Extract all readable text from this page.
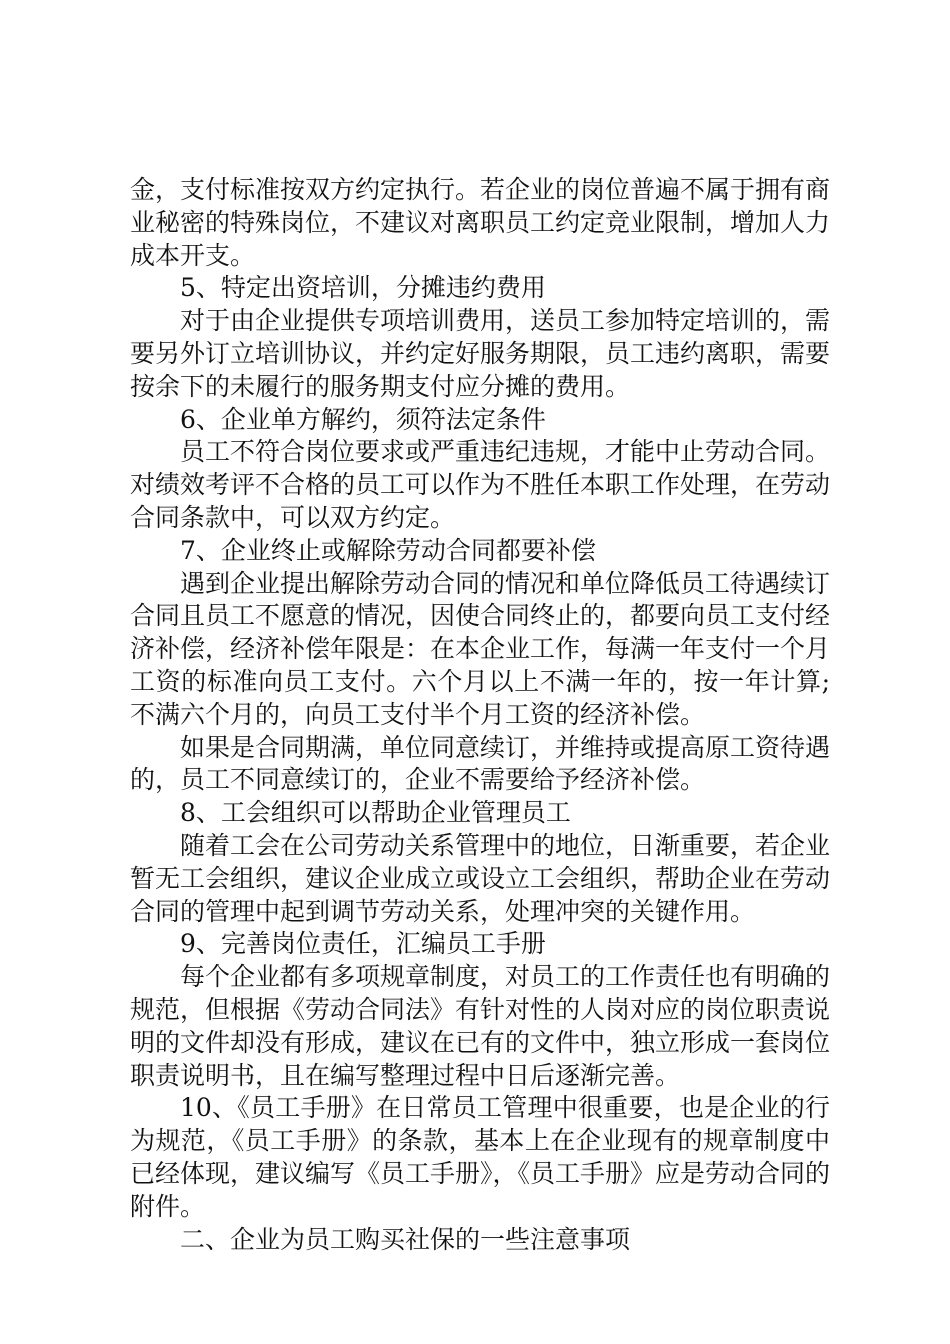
金，支付标准按双方约定执行。若企业的岗位普遍不属于拥有商业秘密的特殊岗位，不建议对离职员工约定竞业限制，增加人力成本开支。

5、特定出资培训，分摊违约费用

对于由企业提供专项培训费用，送员工参加特定培训的，需要另外订立培训协议，并约定好服务期限，员工违约离职，需要按余下的未履行的服务期支付应分摊的费用。

6、企业单方解约，须符法定条件

员工不符合岗位要求或严重违纪违规，才能中止劳动合同。对绩效考评不合格的员工可以作为不胜任本职工作处理，在劳动合同条款中，可以双方约定。

7、企业终止或解除劳动合同都要补偿

遇到企业提出解除劳动合同的情况和单位降低员工待遇续订合同且员工不愿意的情况，因使合同终止的，都要向员工支付经济补偿，经济补偿年限是：在本企业工作，每满一年支付一个月工资的标准向员工支付。六个月以上不满一年的，按一年计算;不满六个月的，向员工支付半个月工资的经济补偿。

如果是合同期满，单位同意续订，并维持或提高原工资待遇的，员工不同意续订的，企业不需要给予经济补偿。

8、工会组织可以帮助企业管理员工

随着工会在公司劳动关系管理中的地位，日渐重要，若企业暂无工会组织，建议企业成立或设立工会组织，帮助企业在劳动合同的管理中起到调节劳动关系，处理冲突的关键作用。

9、完善岗位责任，汇编员工手册

每个企业都有多项规章制度，对员工的工作责任也有明确的规范，但根据《劳动合同法》有针对性的人岗对应的岗位职责说明的文件却没有形成，建议在已有的文件中，独立形成一套岗位职责说明书，且在编写整理过程中日后逐渐完善。

10、《员工手册》在日常员工管理中很重要，也是企业的行为规范，《员工手册》的条款，基本上在企业现有的规章制度中已经体现，建议编写《员工手册》，《员工手册》应是劳动合同的附件。

二、企业为员工购买社保的一些注意事项
